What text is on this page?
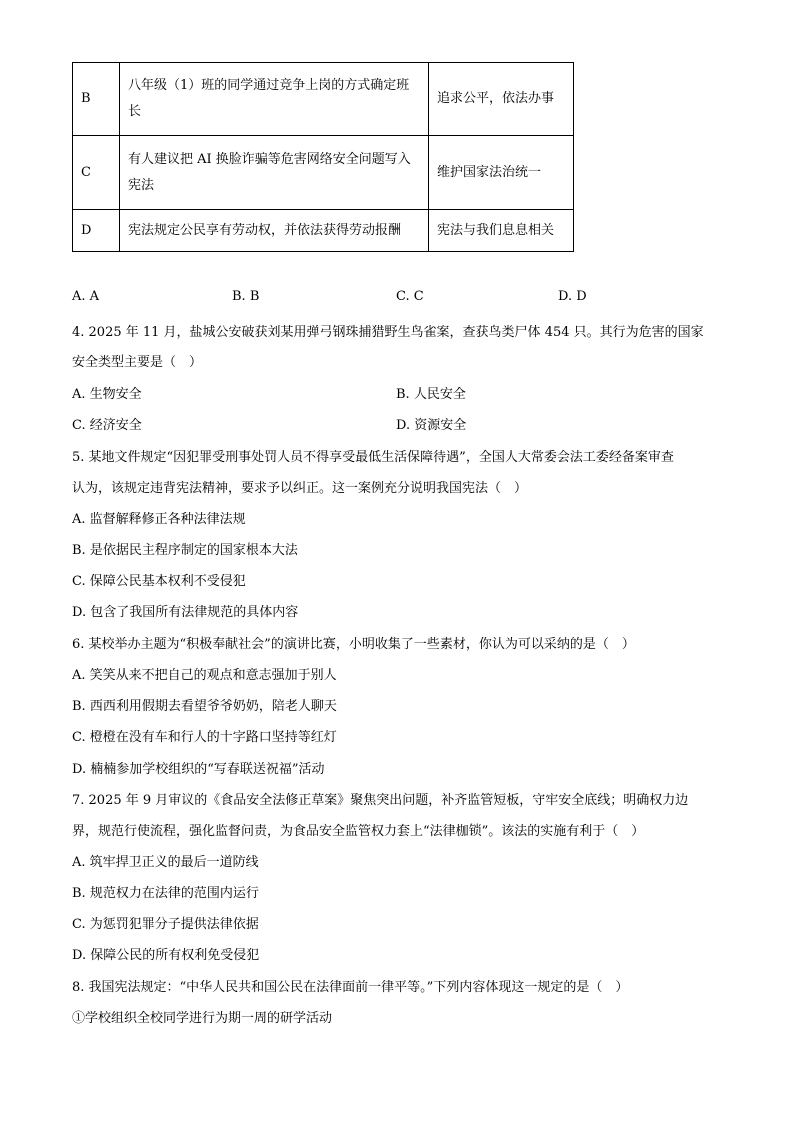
B	八年级（1）班的同学通过竞争上岗的方式确定班长	追求公平，依法办事
C	有人建议把 AI 换脸诈骗等危害网络安全问题写入宪法	维护国家法治统一
D	宪法规定公民享有劳动权，并依法获得劳动报酬	宪法与我们息息相关
A. A	B. B	C. C	D. D
4. 2025 年 11 月，盐城公安破获刘某用弹弓钢珠捕猎野生鸟雀案，查获鸟类尸体 454 只。其行为危害的国家
安全类型主要是（　）
A. 生物安全	B. 人民安全
C. 经济安全	D. 资源安全
5. 某地文件规定“因犯罪受刑事处罚人员不得享受最低生活保障待遇”，全国人大常委会法工委经备案审查
认为，该规定违背宪法精神，要求予以纠正。这一案例充分说明我国宪法（　）
A. 监督解释修正各种法律法规
B. 是依据民主程序制定的国家根本大法
C. 保障公民基本权利不受侵犯
D. 包含了我国所有法律规范的具体内容
6. 某校举办主题为“积极奉献社会”的演讲比赛，小明收集了一些素材，你认为可以采纳的是（　）
A. 笑笑从来不把自己的观点和意志强加于别人
B. 西西利用假期去看望爷爷奶奶，陪老人聊天
C. 橙橙在没有车和行人的十字路口坚持等红灯
D. 楠楠参加学校组织的“写春联送祝福”活动
7. 2025 年 9 月审议的《食品安全法修正草案》聚焦突出问题，补齐监管短板，守牢安全底线；明确权力边
界，规范行使流程，强化监督问责，为食品安全监管权力套上“法律枷锁”。该法的实施有利于（　）
A. 筑牢捍卫正义的最后一道防线
B. 规范权力在法律的范围内运行
C. 为惩罚犯罪分子提供法律依据
D. 保障公民的所有权利免受侵犯
8. 我国宪法规定：“中华人民共和国公民在法律面前一律平等。”下列内容体现这一规定的是（　）
①学校组织全校同学进行为期一周的研学活动
